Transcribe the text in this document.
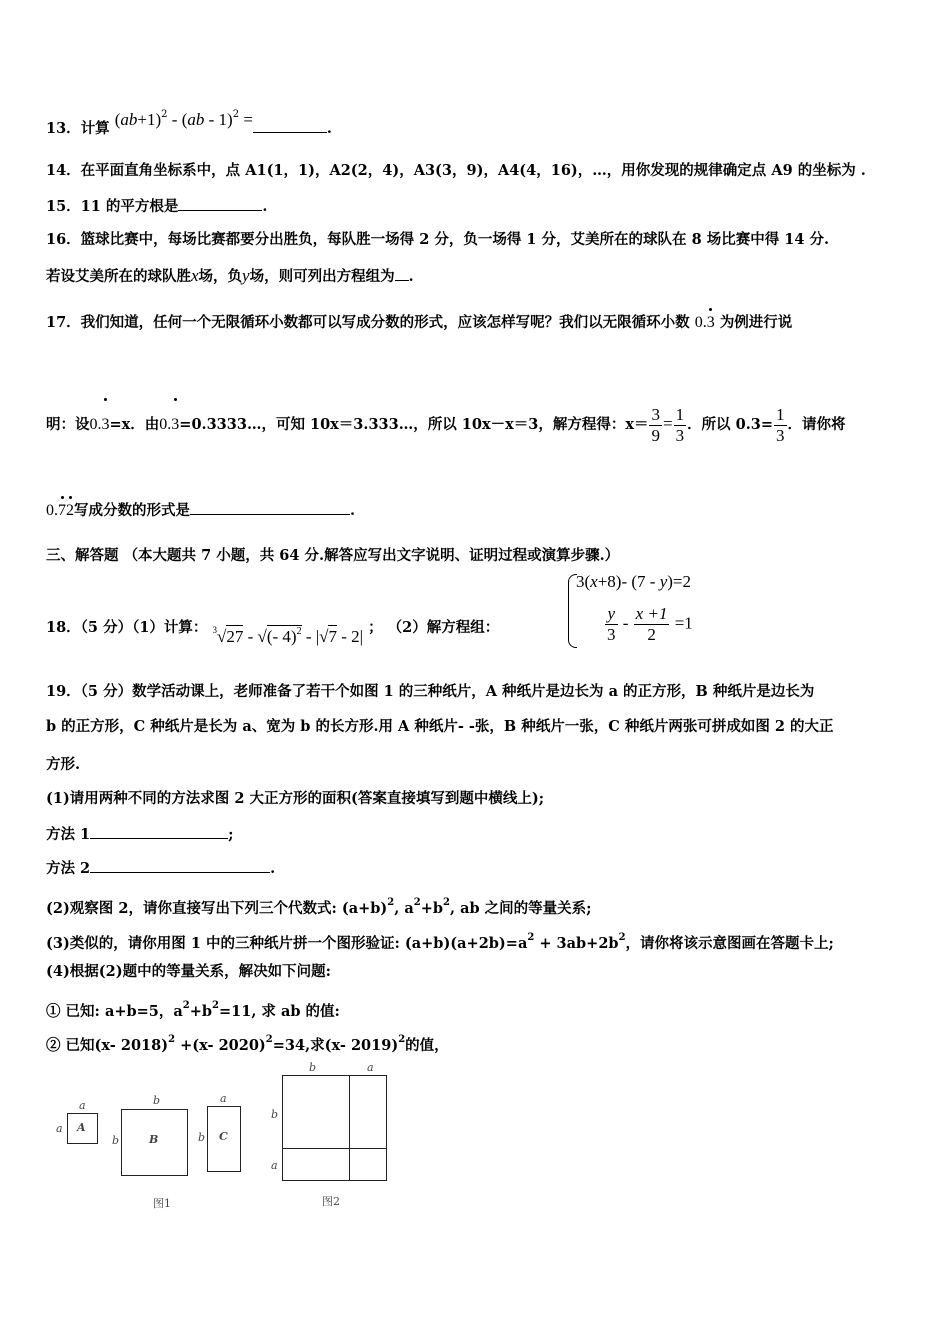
13．计算 $(ab+1)^2 - (ab - 1)^2$ =	.
14．在平面直角坐标系中，点 A1(1，1)，A2(2，4)，A3(3，9)，A4(4，16)，…，用你发现的规律确定点 A9 的坐标为 .
15．11 的平方根是	.
16．篮球比赛中，每场比赛都要分出胜负，每队胜一场得 2 分，负一场得 1 分，艾美所在的球队在 8 场比赛中得 14 分.
若设艾美所在的球队胜x场，负y场，则可列出方程组为 .
17．我们知道，任何一个无限循环小数都可以写成分数的形式，应该怎样写呢？我们以无限循环小数 0.3 为例进行说
明：设0.3=x．由0.3=0.3333…，可知 10x＝3.333…，所以 10x－x＝3，解方程得：$x= \frac{3}{9} = \frac{1}{3}$ ．所以 $0.3= \frac{1}{3}$ ．请你将
0.72写成分数的形式是	.
三、解答题 （本大题共 7 小题，共 64 分.解答应写出文字说明、证明过程或演算步骤.）
18．（5 分）（1）计算： $^3$√27 - √(- 4)$^2$ - |√7 - 2| ； （2）解方程组：
3(x+8)- (7 - y)=2
$\frac{y}{3} - \frac{x +1}{2} =1$
19．（5 分）数学活动课上，老师准备了若干个如图 1 的三种纸片，A 种纸片是边长为 a 的正方形，B 种纸片是边长为
b 的正方形，C 种纸片是长为 a、宽为 b 的长方形.用 A 种纸片- -张，B 种纸片一张，C 种纸片两张可拼成如图 2 的大正
方形.
(1)请用两种不同的方法求图 2 大正方形的面积(答案直接填写到题中横线上);
方法 1	;
方法 2	.
(2)观察图 2，请你直接写出下列三个代数式: $(a+b)^2$, $a^2+b^2$, ab 之间的等量关系;
(3)类似的，请你用图 1 中的三种纸片拼一个图形验证: $(a+b)(a+2b)=a^2 + 3ab+2b^2$，请你将该示意图画在答题卡上;
(4)根据(2)题中的等量关系，解决如下问题:
① 已知: a+b=5，$a^2+b^2=11$, 求 ab 的值:
② 已知(x- 2018)$^2$ +(x- 2020)$^2$=34,求(x- 2019)$^2$的值，
A
a
a
B
b
b	C
a
b
图1
b	a
b
a
图2
